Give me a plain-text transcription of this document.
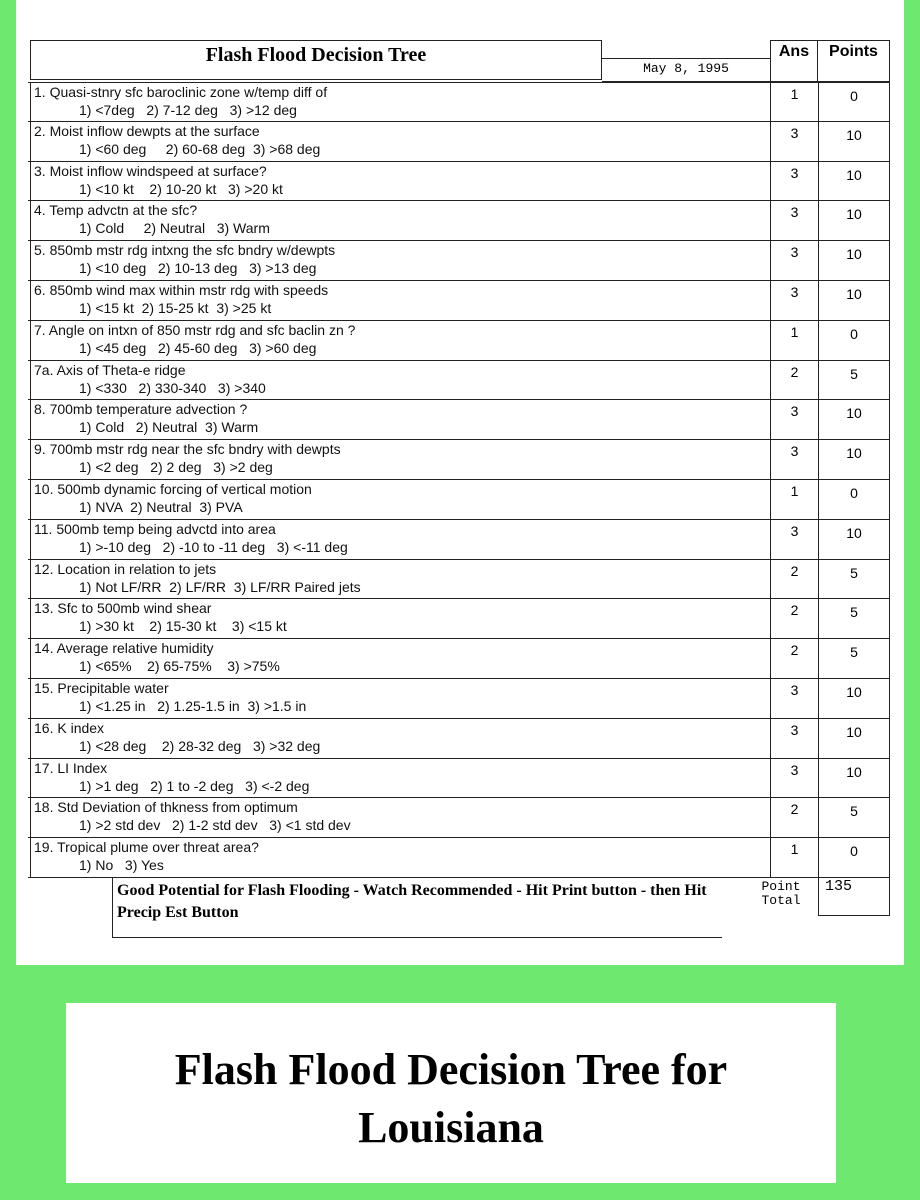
Flash Flood Decision Tree
May 8, 1995
Ans	Points
1. Quasi-stnry sfc baroclinic zone w/temp diff of
1) <7deg   2) 7-12 deg   3) >12 deg
1	0
2. Moist inflow dewpts at the surface
1) <60 deg     2) 60-68 deg  3) >68 deg
3	10
3. Moist inflow windspeed at surface?
1) <10 kt    2) 10-20 kt   3) >20 kt
3	10
4. Temp advctn at the sfc?
1) Cold     2) Neutral   3) Warm
3	10
5. 850mb mstr rdg intxng the sfc bndry w/dewpts
1) <10 deg   2) 10-13 deg   3) >13 deg
3	10
6. 850mb wind max within mstr rdg with speeds
1) <15 kt  2) 15-25 kt  3) >25 kt
3	10
7. Angle on intxn of 850 mstr rdg and sfc baclin zn ?
1) <45 deg   2) 45-60 deg   3) >60 deg
1	0
7a. Axis of Theta-e ridge
1) <330   2) 330-340   3) >340
2	5
8. 700mb temperature advection ?
1) Cold   2) Neutral  3) Warm
3	10
9. 700mb mstr rdg near the sfc bndry with dewpts
1) <2 deg   2) 2 deg   3) >2 deg
3	10
10. 500mb dynamic forcing of vertical motion
1) NVA  2) Neutral  3) PVA
1	0
11. 500mb temp being advctd into area
1) >-10 deg   2) -10 to -11 deg   3) <-11 deg
3	10
12. Location in relation to jets
1) Not LF/RR  2) LF/RR  3) LF/RR Paired jets
2	5
13. Sfc to 500mb wind shear
1) >30 kt    2) 15-30 kt    3) <15 kt
2	5
14. Average relative humidity
1) <65%    2) 65-75%    3) >75%
2	5
15. Precipitable water
1) <1.25 in   2) 1.25-1.5 in  3) >1.5 in
3	10
16. K index
1) <28 deg    2) 28-32 deg   3) >32 deg
3	10
17. LI Index
1) >1 deg   2) 1 to -2 deg   3) <-2 deg
3	10
18. Std Deviation of thkness from optimum
1) >2 std dev   2) 1-2 std dev   3) <1 std dev
2	5
19. Tropical plume over threat area?
1) No   3) Yes
1	0
Good Potential for Flash Flooding - Watch Recommended - Hit Print button - then Hit Precip Est Button
Point Total
135
Flash Flood Decision Tree for
Louisiana
